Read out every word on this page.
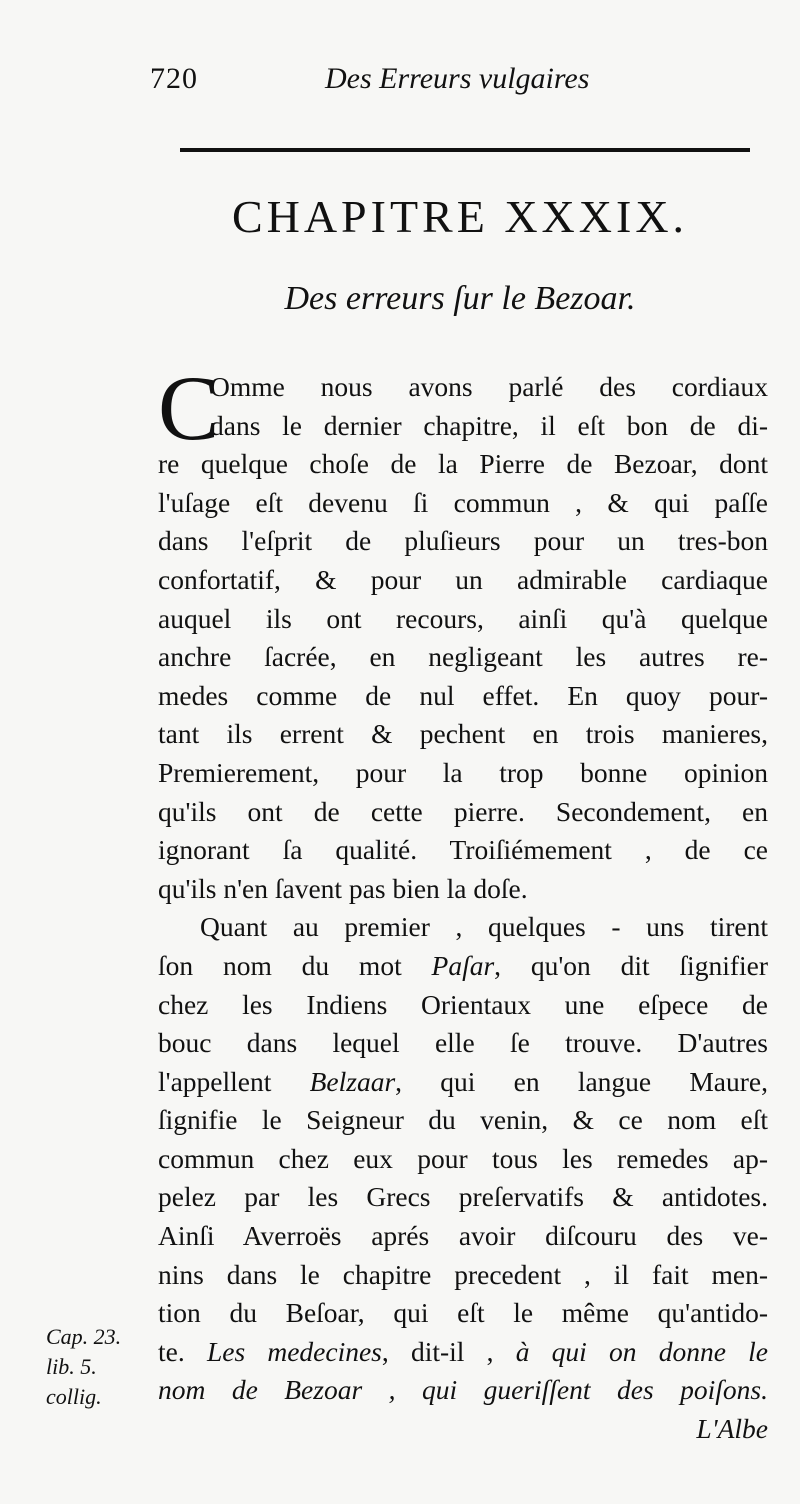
720	Des Erreurs vulgaires
CHAPITRE XXXIX.
Des erreurs ſur le Bezoar.
C
Omme nous avons parlé des cordiaux
dans le dernier chapitre, il eſt bon de di-
re quelque choſe de la Pierre de Bezoar, dont
l'uſage eſt devenu ſi commun , & qui paſſe
dans l'eſprit de pluſieurs pour un tres-bon
confortatif, & pour un admirable cardiaque
auquel ils ont recours, ainſi qu'à quelque
anchre ſacrée, en negligeant les autres re-
medes comme de nul effet. En quoy pour-
tant ils errent & pechent en trois manieres,
Premierement, pour la trop bonne opinion
qu'ils ont de cette pierre. Secondement, en
ignorant ſa qualité. Troiſiémement , de ce
qu'ils n'en ſavent pas bien la doſe.
Quant au premier , quelques - uns tirent
ſon nom du mot Paſar, qu'on dit ſignifier
chez les Indiens Orientaux une eſpece de
bouc dans lequel elle ſe trouve. D'autres
l'appellent Belzaar, qui en langue Maure,
ſignifie le Seigneur du venin, & ce nom eſt
commun chez eux pour tous les remedes ap-
pelez par les Grecs preſervatifs & antidotes.
Ainſi Averroës aprés avoir diſcouru des ve-
nins dans le chapitre precedent , il fait men-
tion du Beſoar, qui eſt le même qu'antido-
te. Les medecines, dit-il , à qui on donne le
nom de Bezoar , qui gueriſſent des poiſons.
L'Albe
Cap. 23.
lib. 5.
collig.
